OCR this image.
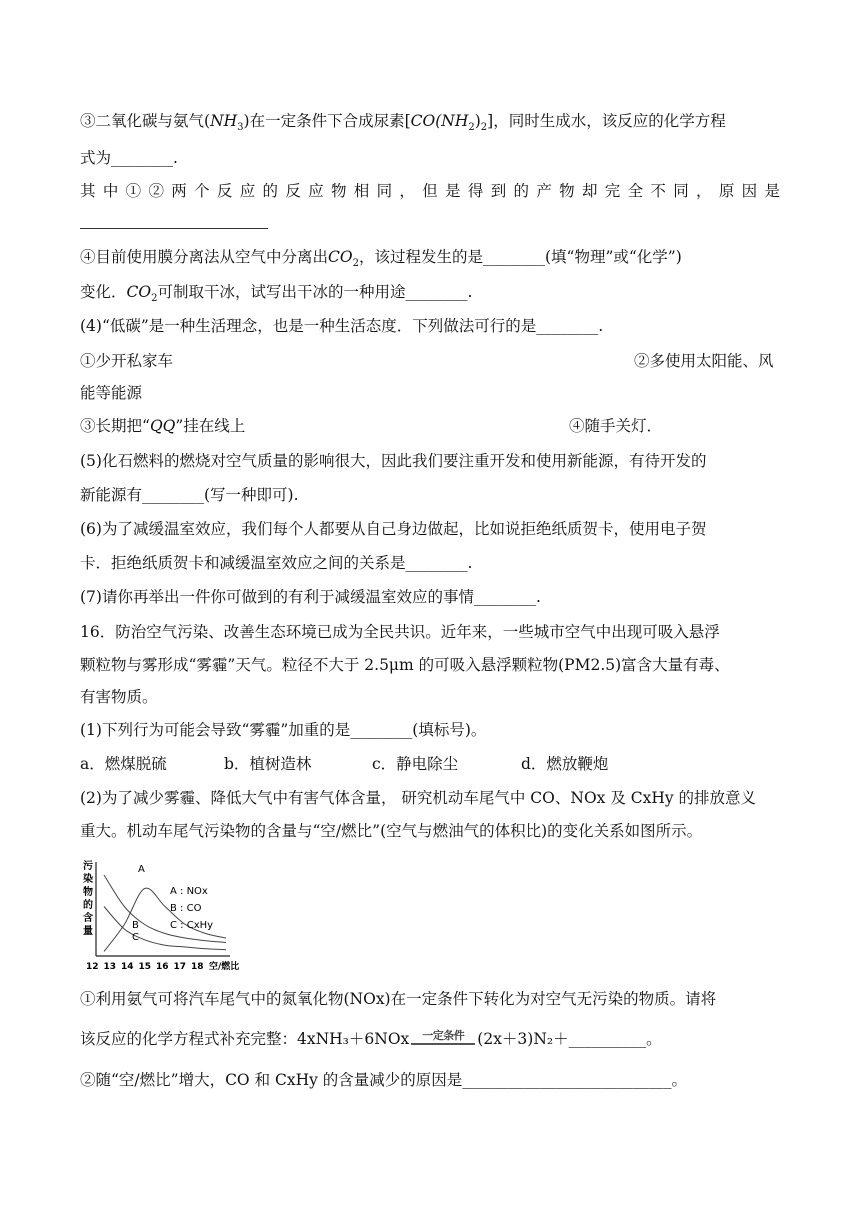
③二氧化碳与氨气$(NH_3)$在一定条件下合成尿素$[CO(NH_2)_2]$，同时生成水，该反应的化学方程
式为________.
其中①②两个反应的反应物相同，但是得到的产物却完全不同，原因是
④目前使用膜分离法从空气中分离出$CO_2$，该过程发生的是________(填“物理”或“化学”)
变化．$CO_2$可制取干冰，试写出干冰的一种用途________.
(4)“低碳”是一种生活理念，也是一种生活态度．下列做法可行的是________.
①少开私家车	②多使用太阳能、风
能等能源
③长期把“QQ”挂在线上	④随手关灯．
(5)化石燃料的燃烧对空气质量的影响很大，因此我们要注重开发和使用新能源，有待开发的
新能源有________(写一种即可).
(6)为了减缓温室效应，我们每个人都要从自己身边做起，比如说拒绝纸质贺卡，使用电子贺
卡．拒绝纸质贺卡和减缓温室效应之间的关系是________.
(7)请你再举出一件你可做到的有利于减缓温室效应的事情________.
16．防治空气污染、改善生态环境已成为全民共识。近年来，一些城市空气中出现可吸入悬浮
颗粒物与雾形成“雾霾”天气。粒径不大于 2.5μm 的可吸入悬浮颗粒物(PM2.5)富含大量有毒、
有害物质。
(1)下列行为可能会导致“雾霾”加重的是________(填标号)。
a．燃煤脱硫	b．植树造林	c．静电除尘	d．燃放鞭炮
(2)为了减少雾霾、降低大气中有害气体含量， 研究机动车尾气中 CO、NOx 及 CxHy 的排放意义
重大。机动车尾气污染物的含量与“空/燃比”(空气与燃油气的体积比)的变化关系如图所示。
污
染
物
的
含
量
A
B
C
A : NOx
B : CO
C : CxHy
12 13 14 15 16 17 18 空/燃比
①利用氨气可将汽车尾气中的氮氧化物(NOx)在一定条件下转化为对空气无污染的物质。请将
该反应的化学方程式补充完整：4xNH₃＋6NOx	一定条件 (2x＋3)N₂＋__________。
②随“空/燃比”增大，CO 和 CxHy 的含量减少的原因是___________________________。
